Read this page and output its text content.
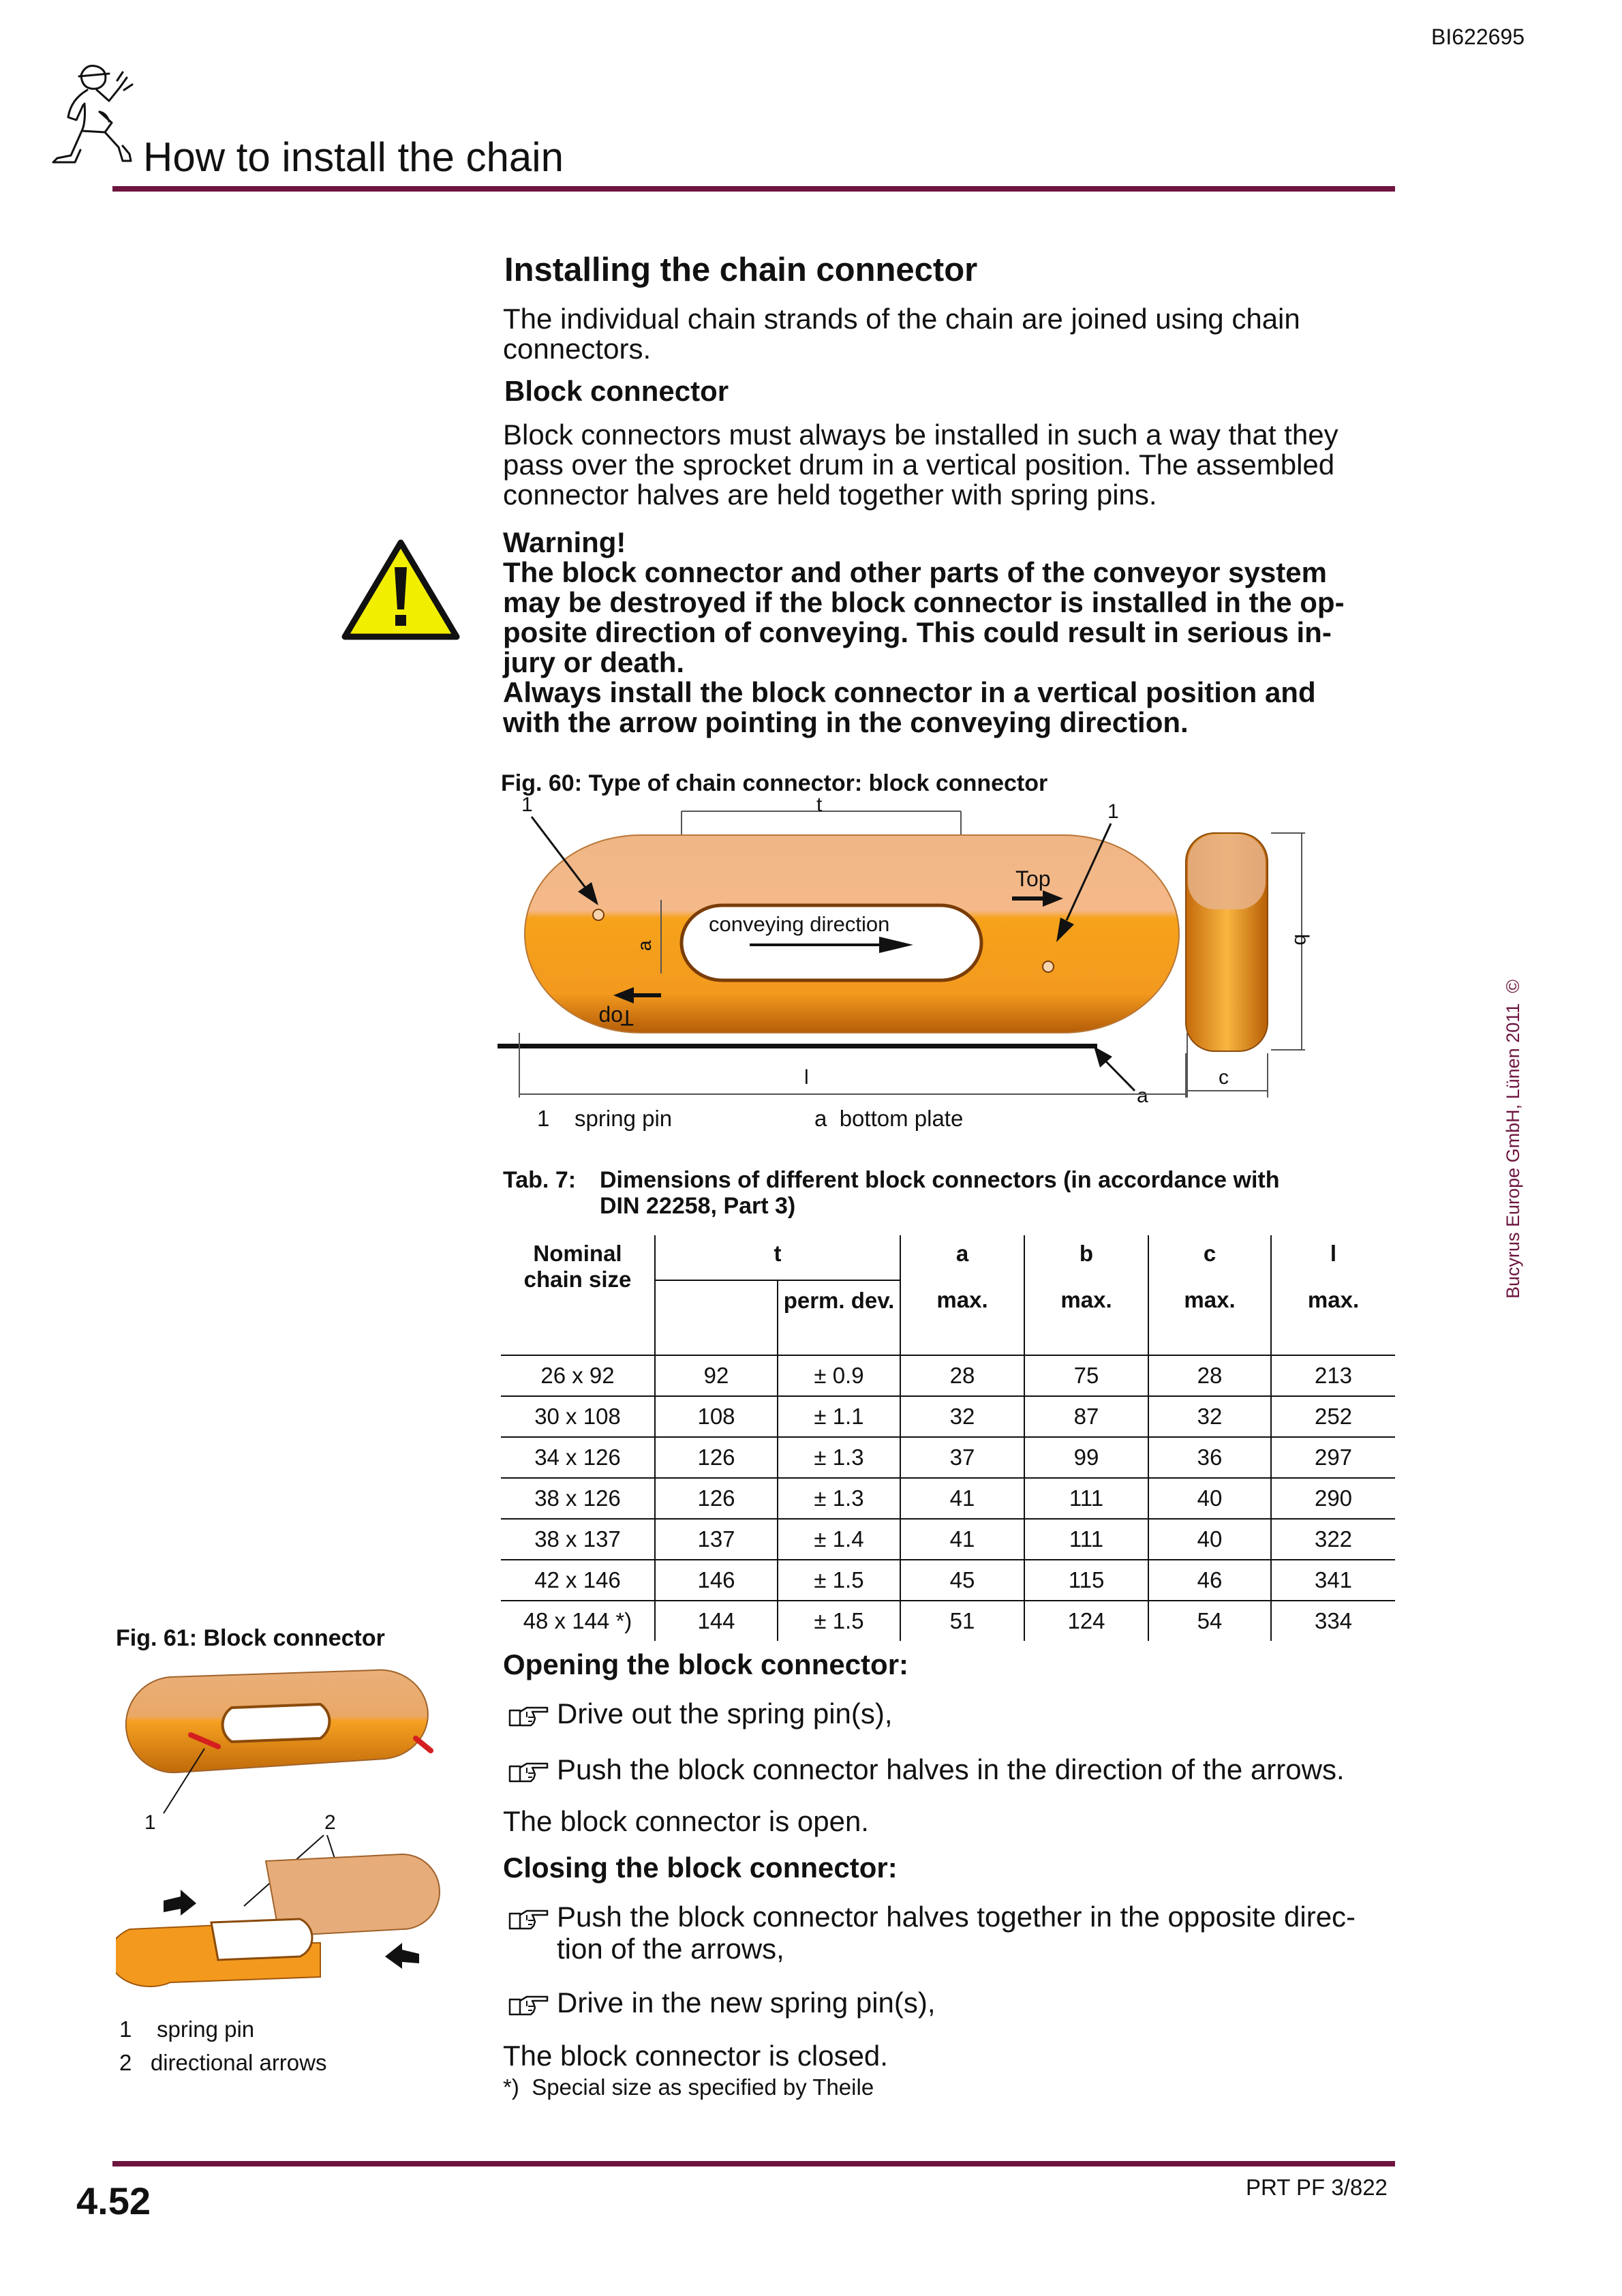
BI622695
How to install the chain
Installing the chain connector
The individual chain strands of the chain are joined using chain
connectors.
Block connector
Block connectors must always be installed in such a way that they
pass over the sprocket drum in a vertical position. The assembled
connector halves are held together with spring pins.
Warning!
The block connector and other parts of the conveyor system
may be destroyed if the block connector is installed in the op-
posite direction of conveying. This could result in serious in-
jury or death.
Always install the block connector in a vertical position and
with the arrow pointing in the conveying direction.
Fig. 60: Type of chain connector: block connector
t
a
conveying direction
Top
Top
1	1
a
l
b
c
1 spring pin	a bottom plate
Tab. 7: Dimensions of different block connectors (in accordance with
DIN 22258, Part 3)
Nominal chain size	t		a	b	c	l
		perm. dev.	max.	max.	max.	max.
26 x 92	92	± 0.9	28	75	28	213
30 x 108	108	± 1.1	32	87	32	252
34 x 126	126	± 1.3	37	99	36	297
38 x 126	126	± 1.3	41	111	40	290
38 x 137	137	± 1.4	41	111	40	322
42 x 146	146	± 1.5	45	115	46	341
48 x 144 *)	144	± 1.5	51	124	54	334
Fig. 61: Block connector
1	2
1 spring pin
2 directional arrows
Opening the block connector:
Drive out the spring pin(s),
Push the block connector halves in the direction of the arrows.
The block connector is open.
Closing the block connector:
Push the block connector halves together in the opposite direc-
tion of the arrows,
Drive in the new spring pin(s),
The block connector is closed.
*) Special size as specified by Theile
Bucyrus Europe GmbH, Lünen 2011  ©
4.52	PRT PF 3/822
